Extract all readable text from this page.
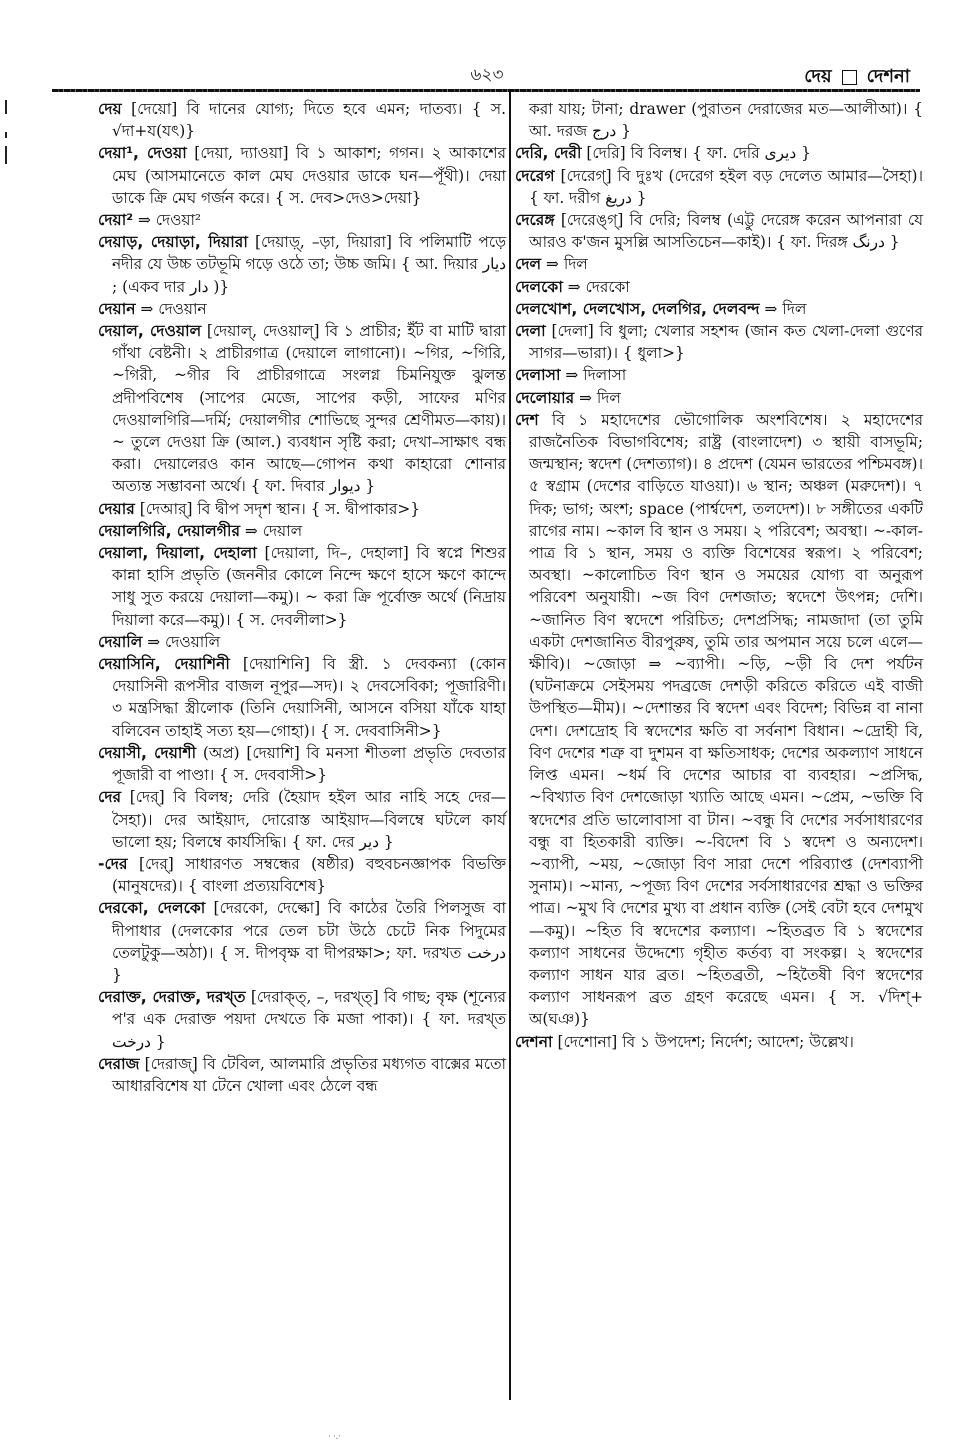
৬২৩	দেয় দেশনা

দেয় [দেয়ো] বি দানের যোগ্য; দিতে হবে এমন; দাতব্য। { স. √দা+য(যৎ)}

দেয়া¹, দেওয়া [দেয়া, দ্যাওয়া] বি ১ আকাশ; গগন। ২ আকাশের মেঘ (আসমানেতে কাল মেঘ দেওয়ার ডাকে ঘন—পূঁথী)। দেয়া ডাকে ক্রি মেঘ গর্জন করে। { স. দেব>দেও>দেয়া}

দেয়া² ⇒ দেওয়া²

দেয়াড়, দেয়াড়া, দিয়ারা [দেয়াড়্, –ড়া, দিয়ারা] বি পলিমাটি পড়ে নদীর যে উচ্চ তটভূমি গড়ে ওঠে তা; উচ্চ জমি। { আ. দিয়ার دیار ; (একব দার دار )}

দেয়ান ⇒ দেওয়ান

দেয়াল, দেওয়াল [দেয়াল্, দেওয়াল্] বি ১ প্রাচীর; ইঁট বা মাটি দ্বারা গাঁথা বেষ্টনী। ২ প্রাচীরগাত্র (দেয়ালে লাগানো)। ~গির, ~গিরি, ~গিরী, ~গীর বি প্রাচীরগাত্রে সংলগ্ন চিমনিযুক্ত ঝুলন্ত প্রদীপবিশেষ (সাপের মেজে, সাপের কড়ী, সাফের মণির দেওয়ালগিরি—দর্মি; দেয়ালগীর শোভিছে সুন্দর শ্রেণীমত—কায়)। ~ তুলে দেওয়া ক্রি (আল.) ব্যবধান সৃষ্টি করা; দেখা–সাক্ষাৎ বন্ধ করা। দেয়ালেরও কান আছে—গোপন কথা কাহারো শোনার অত্যন্ত সম্ভাবনা অর্থে। { ফা. দিবার دیوار }

দেয়ার [দেআর্] বি দ্বীপ সদৃশ স্থান। { স. দ্বীপাকার>}

দেয়ালগিরি, দেয়ালগীর ⇒ দেয়াল

দেয়ালা, দিয়ালা, দেহালা [দেয়ালা, দি–, দেহালা] বি স্বপ্নে শিশুর কান্না হাসি প্রভৃতি (জননীর কোলে নিন্দে ক্ষণে হাসে ক্ষণে কান্দে সাধু সুত করয়ে দেয়ালা—কমু)। ~ করা ক্রি পূর্বোক্ত অর্থে (নিদ্রায় দিয়ালা করে—কমু)। { স. দেবলীলা>}

দেয়ালি ⇒ দেওয়ালি

দেয়াসিনি, দেয়াশিনী [দেয়াশিনি] বি স্ত্রী. ১ দেবকন্যা (কোন দেয়াসিনী রূপসীর বাজল নূপুর—সদ)। ২ দেবসেবিকা; পূজারিণী। ৩ মন্ত্রসিদ্ধা স্ত্রীলোক (তিনি দেয়াসিনী, আসনে বসিয়া যাঁকে যাহা বলিবেন তাহাই সত্য হয়—গোহা)। { স. দেববাসিনী>}

দেয়াসী, দেয়াশী (অপ্র) [দেয়াশি] বি মনসা শীতলা প্রভৃতি দেবতার পূজারী বা পাণ্ডা। { স. দেববাসী>}

দের [দের্] বি বিলম্ব; দেরি (হৈয়াদ হইল আর নাহি সহে দের—সৈহা)। দের আইয়াদ, দোরোস্ত আইয়াদ—বিলম্বে ঘটলে কার্য ভালো হয়; বিলম্বে কার্যসিদ্ধি। { ফা. দের دیر }

-দের [দের্] সাধারণত সম্বন্ধের (ষষ্ঠীর) বহুবচনজ্ঞাপক বিভক্তি (মানুষদের)। { বাংলা প্রত্যয়বিশেষ}

দেরকো, দেলকো [দেরকো, দেল্কো] বি কাঠের তৈরি পিলসুজ বা দীপাধার (দেলকোর পরে তেল চটা উঠে চেটে নিক পিদুমের তেলটুকু—অঠা)। { স. দীপবৃক্ষ বা দীপরক্ষা>; ফা. দরখত درخت }

দেরাক্ত, দেরাক্ত, দরখ্ত [দেরাক্ত্, –, দরখ্ত্] বি গাছ; বৃক্ষ (শূন্যের প'র এক দেরাক্ত পয়দা দেখতে কি মজা পাকা)। { ফা. দরখ্ত درخت }

দেরাজ [দেরাজ্] বি টেবিল, আলমারি প্রভৃতির মধ্যগত বাক্সের মতো আধারবিশেষ যা টেনে খোলা এবং ঠেলে বন্ধ

করা যায়; টানা; drawer (পুরাতন দেরাজের মত—আলীআ)। { আ. দরজ درج }

দেরি, দেরী [দেরি] বি বিলম্ব। { ফা. দেরি دیری }

দেরেগ [দেরেগ্] বি দুঃখ (দেরেগ হইল বড় দেলেত আমার—সৈহা)। { ফা. দরীগ دریغ }

দেরেঙ্গ [দেরেঙ্গ্] বি দেরি; বিলম্ব (এট্টু দেরেঙ্গ করেন আপনারা যে আরও ক'জন মুসল্লি আসতিচেন—কাই)। { ফা. দিরঙ্গ درنگ }

দেল ⇒ দিল

দেলকো ⇒ দেরকো

দেলখোশ, দেলখোস, দেলগির, দেলবন্দ ⇒ দিল

দেলা [দেলা] বি ধুলা; খেলার সহশব্দ (জান কত খেলা-দেলা গুণের সাগর—ভারা)। { ধুলা>}

দেলাসা ⇒ দিলাসা

দেলোয়ার ⇒ দিল

দেশ বি ১ মহাদেশের ভৌগোলিক অংশবিশেষ। ২ মহাদেশের রাজনৈতিক বিভাগবিশেষ; রাষ্ট্র (বাংলাদেশ) ৩ স্থায়ী বাসভূমি; জন্মস্থান; স্বদেশ (দেশত্যাগ)। ৪ প্রদেশ (যেমন ভারতের পশ্চিমবঙ্গ)। ৫ স্বগ্রাম (দেশের বাড়িতে যাওয়া)। ৬ স্থান; অঞ্চল (মরুদেশ)। ৭ দিক; ভাগ; অংশ; space (পার্শ্বদেশ, তলদেশ)। ৮ সঙ্গীতের একটি রাগের নাম। ~কাল বি স্থান ও সময়। ২ পরিবেশ; অবস্থা। ~-কাল-পাত্র বি ১ স্থান, সময় ও ব্যক্তি বিশেষের স্বরূপ। ২ পরিবেশ; অবস্থা। ~কালোচিত বিণ স্থান ও সময়ের যোগ্য বা অনুরূপ পরিবেশ অনুযায়ী। ~জ বিণ দেশজাত; স্বদেশে উৎপন্ন; দেশি। ~জানিত বিণ স্বদেশে পরিচিত; দেশপ্রসিদ্ধ; নামজাদা (তা তুমি একটা দেশজানিত বীরপুরুষ, তুমি তার অপমান সয়ে চলে এলে—ক্ষীবি)। ~জোড়া ⇒ ~ব্যাপী। ~ড়ি, ~ড়ী বি দেশ পর্যটন (ঘটনাক্রমে সেইসময় পদব্রজে দেশড়ী করিতে করিতে এই বাজী উপস্থিত—মীম)। ~দেশান্তর বি স্বদেশ এবং বিদেশ; বিভিন্ন বা নানা দেশ। দেশদ্রোহ বি স্বদেশের ক্ষতি বা সর্বনাশ বিধান। ~দ্রোহী বি, বিণ দেশের শত্রু বা দুশমন বা ক্ষতিসাধক; দেশের অকল্যাণ সাধনে লিপ্ত এমন। ~ধর্ম বি দেশের আচার বা ব্যবহার। ~প্রসিদ্ধ, ~বিখ্যাত বিণ দেশজোড়া খ্যাতি আছে এমন। ~প্রেম, ~ভক্তি বি স্বদেশের প্রতি ভালোবাসা বা টান। ~বন্ধু বি দেশের সর্বসাধারণের বন্ধু বা হিতকারী ব্যক্তি। ~-বিদেশ বি ১ স্বদেশ ও অন্যদেশ। ~ব্যাপী, ~ময়, ~জোড়া বিণ সারা দেশে পরিব্যাপ্ত (দেশব্যাপী সুনাম)। ~মান্য, ~পূজ্য বিণ দেশের সর্বসাধারণের শ্রদ্ধা ও ভক্তির পাত্র। ~মুখ বি দেশের মুখ্য বা প্রধান ব্যক্তি (সেই বেটা হবে দেশমুখ—কমু)। ~হিত বি স্বদেশের কল্যাণ। ~হিতব্রত বি ১ স্বদেশের কল্যাণ সাধনের উদ্দেশ্যে গৃহীত কর্তব্য বা সংকল্প। ২ স্বদেশের কল্যাণ সাধন যার ব্রত। ~হিতব্রতী, ~হিতৈষী বিণ স্বদেশের কল্যাণ সাধনরূপ ব্রত গ্রহণ করেছে এমন। { স. √দিশ্+ অ(ঘঞ)}

দেশনা [দেশোনা] বি ১ উপদেশ; নির্দেশ; আদেশ; উল্লেখ।

· ·.·
